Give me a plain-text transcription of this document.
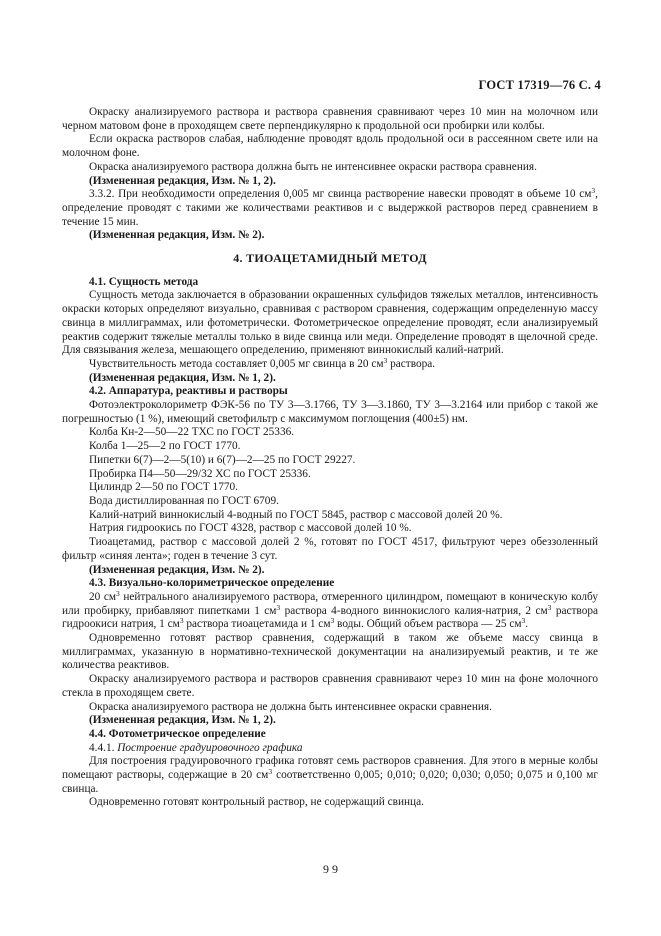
ГОСТ 17319—76 С. 4

Окраску анализируемого раствора и раствора сравнения сравнивают через 10 мин на молочном или черном матовом фоне в проходящем свете перпендикулярно к продольной оси пробирки или колбы.

Если окраска растворов слабая, наблюдение проводят вдоль продольной оси в рассеянном свете или на молочном фоне.

Окраска анализируемого раствора должна быть не интенсивнее окраски раствора сравнения.

(Измененная редакция, Изм. № 1, 2).

3.3.2. При необходимости определения 0,005 мг свинца растворение навески проводят в объеме 10 $см^3$, определение проводят с такими же количествами реактивов и с выдержкой растворов перед сравнением в течение 15 мин.

(Измененная редакция, Изм. № 2).

4. ТИОАЦЕТАМИДНЫЙ МЕТОД

4.1. Сущность метода

Сущность метода заключается в образовании окрашенных сульфидов тяжелых металлов, интенсивность окраски которых определяют визуально, сравнивая с раствором сравнения, содержащим определенную массу свинца в миллиграммах, или фотометрически. Фотометрическое определение проводят, если анализируемый реактив содержит тяжелые металлы только в виде свинца или меди. Определение проводят в щелочной среде. Для связывания железа, мешающего определению, применяют виннокислый калий-натрий.

Чувствительность метода составляет 0,005 мг свинца в 20 $см^3$ раствора.

(Измененная редакция, Изм. № 1, 2).

4.2. Аппаратура, реактивы и растворы

Фотоэлектроколориметр ФЭК-56 по ТУ 3—3.1766, ТУ 3—3.1860, ТУ 3—3.2164 или прибор с такой же погрешностью (1 %), имеющий светофильтр с максимумом поглощения (400±5) нм.

Колба Кн-2—50—22 ТХС по ГОСТ 25336.

Колба 1—25—2 по ГОСТ 1770.

Пипетки 6(7)—2—5(10) и 6(7)—2—25 по ГОСТ 29227.

Пробирка П4—50—29/32 ХС по ГОСТ 25336.

Цилиндр 2—50 по ГОСТ 1770.

Вода дистиллированная по ГОСТ 6709.

Калий-натрий виннокислый 4-водный по ГОСТ 5845, раствор с массовой долей 20 %.

Натрия гидроокись по ГОСТ 4328, раствор с массовой долей 10 %.

Тиоацетамид, раствор с массовой долей 2 %, готовят по ГОСТ 4517, фильтруют через обеззоленный фильтр «синяя лента»; годен в течение 3 сут.

(Измененная редакция, Изм. № 2).

4.3. Визуально-колориметрическое определение

20 $см^3$ нейтрального анализируемого раствора, отмеренного цилиндром, помещают в коническую колбу или пробирку, прибавляют пипетками 1 $см^3$ раствора 4-водного виннокислого калия-натрия, 2 $см^3$ раствора гидроокиси натрия, 1 $см^3$ раствора тиоацетамида и 1 $см^3$ воды. Общий объем раствора — 25 $см^3$.

Одновременно готовят раствор сравнения, содержащий в таком же объеме массу свинца в миллиграммах, указанную в нормативно-технической документации на анализируемый реактив, и те же количества реактивов.

Окраску анализируемого раствора и растворов сравнения сравнивают через 10 мин на фоне молочного стекла в проходящем свете.

Окраска анализируемого раствора не должна быть интенсивнее окраски сравнения.

(Измененная редакция, Изм. № 1, 2).

4.4. Фотометрическое определение

4.4.1. Построение градуировочного графика

Для построения градуировочного графика готовят семь растворов сравнения. Для этого в мерные колбы помещают растворы, содержащие в 20 $см^3$ соответственно 0,005; 0,010; 0,020; 0,030; 0,050; 0,075 и 0,100 мг свинца.

Одновременно готовят контрольный раствор, не содержащий свинца.

9 9
